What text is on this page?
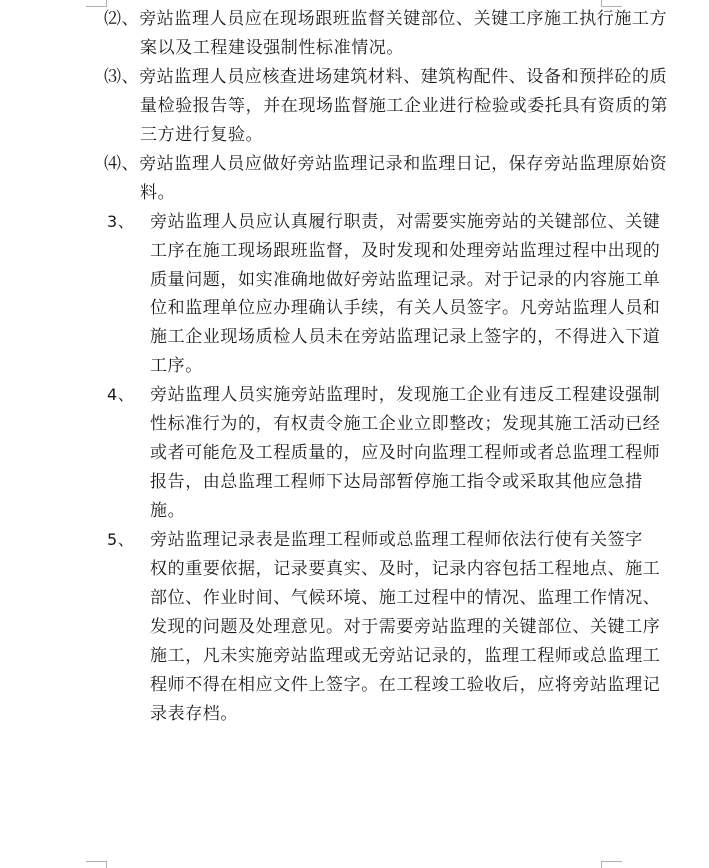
⑵、旁站监理人员应在现场跟班监督关键部位、关键工序施工执行施工方
案以及工程建设强制性标准情况。
⑶、旁站监理人员应核查进场建筑材料、建筑构配件、设备和预拌砼的质
量检验报告等，并在现场监督施工企业进行检验或委托具有资质的第
三方进行复验。
⑷、旁站监理人员应做好旁站监理记录和监理日记，保存旁站监理原始资
料。
3、 旁站监理人员应认真履行职责，对需要实施旁站的关键部位、关键
工序在施工现场跟班监督，及时发现和处理旁站监理过程中出现的
质量问题，如实准确地做好旁站监理记录。对于记录的内容施工单
位和监理单位应办理确认手续，有关人员签字。凡旁站监理人员和
施工企业现场质检人员未在旁站监理记录上签字的，不得进入下道
工序。
4、 旁站监理人员实施旁站监理时，发现施工企业有违反工程建设强制
性标准行为的，有权责令施工企业立即整改；发现其施工活动已经
或者可能危及工程质量的，应及时向监理工程师或者总监理工程师
报告，由总监理工程师下达局部暂停施工指令或采取其他应急措
施。
5、 旁站监理记录表是监理工程师或总监理工程师依法行使有关签字
权的重要依据，记录要真实、及时，记录内容包括工程地点、施工
部位、作业时间、气候环境、施工过程中的情况、监理工作情况、
发现的问题及处理意见。对于需要旁站监理的关键部位、关键工序
施工，凡未实施旁站监理或无旁站记录的，监理工程师或总监理工
程师不得在相应文件上签字。在工程竣工验收后，应将旁站监理记
录表存档。
